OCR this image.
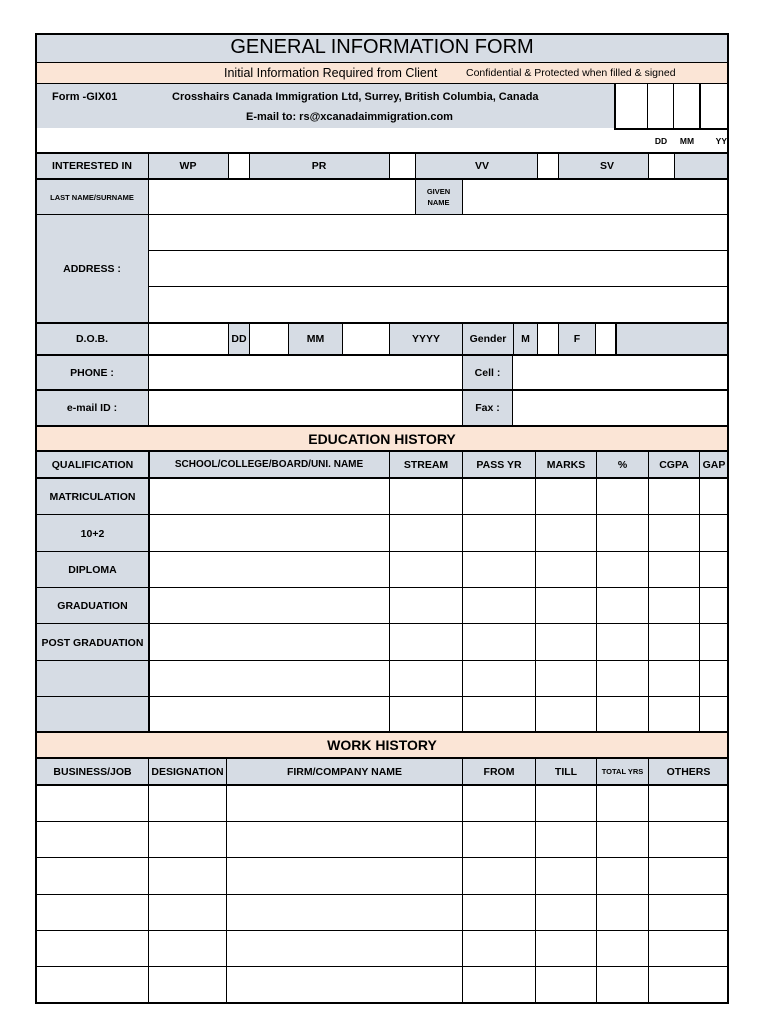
GENERAL INFORMATION FORM
Initial Information Required from Client	Confidential & Protected when filled & signed
Form -GIX01	Crosshairs Canada Immigration Ltd, Surrey, British Columbia, Canada
E-mail to: rs@xcanadaimmigration.com
DD	MM	YY
INTERESTED IN	WP	PR	VV	SV
LAST NAME/SURNAME
GIVEN
NAME
ADDRESS :
D.O.B.	DD	MM	YYYY	Gender	M	F
PHONE :	Cell :
e-mail ID :	Fax :
EDUCATION HISTORY
QUALIFICATION	SCHOOL/COLLEGE/BOARD/UNI. NAME	STREAM	PASS YR	MARKS	%	CGPA	GAP
MATRICULATION
10+2
DIPLOMA
GRADUATION
POST GRADUATION
WORK HISTORY
BUSINESS/JOB	DESIGNATION	FIRM/COMPANY NAME	FROM	TILL	TOTAL YRS	OTHERS
